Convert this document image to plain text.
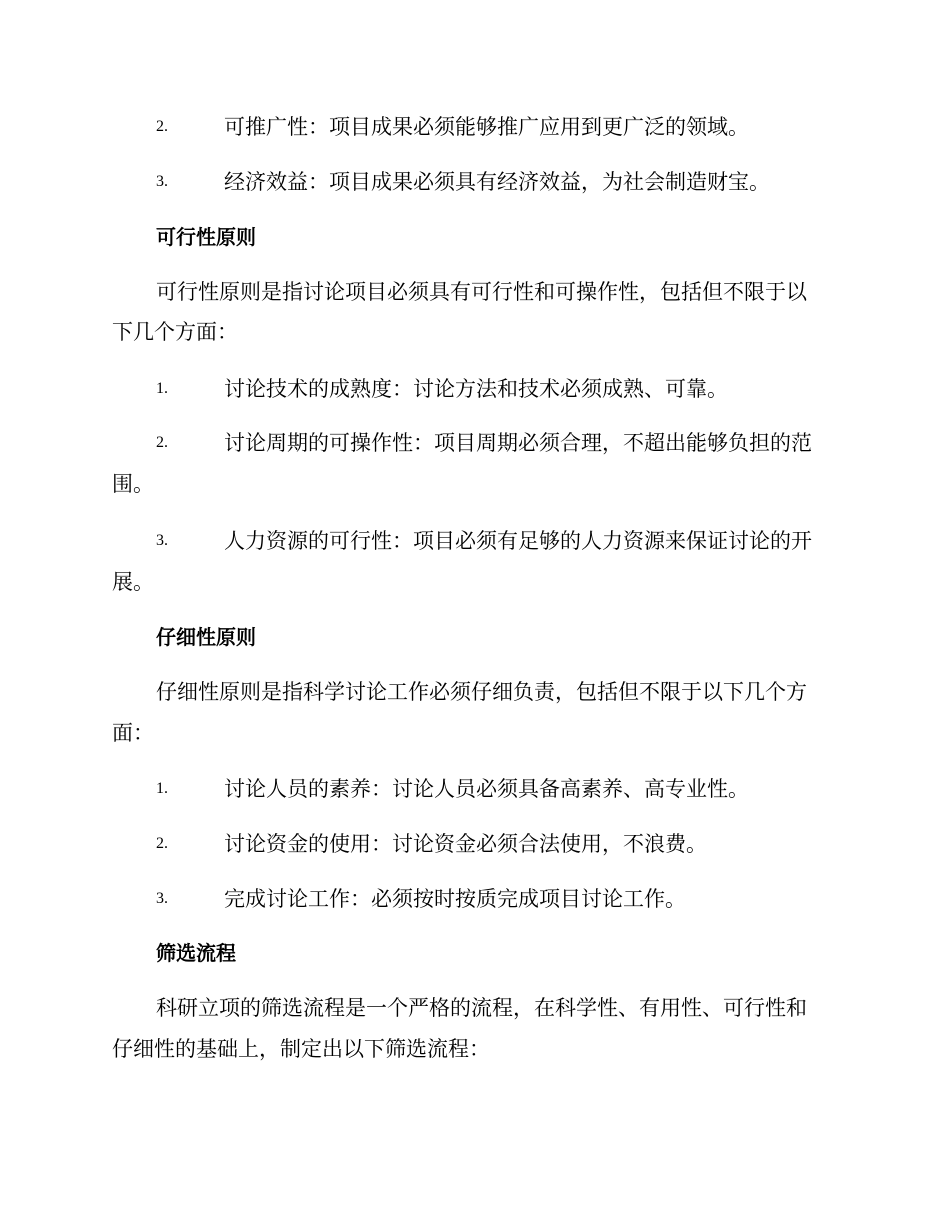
2.	可推广性：项目成果必须能够推广应用到更广泛的领域。
3.	经济效益：项目成果必须具有经济效益，为社会制造财宝。
可行性原则
可行性原则是指讨论项目必须具有可行性和可操作性，包括但不限于以
下几个方面：
1.	讨论技术的成熟度：讨论方法和技术必须成熟、可靠。
2.	讨论周期的可操作性：项目周期必须合理，不超出能够负担的范
围。
3.	人力资源的可行性：项目必须有足够的人力资源来保证讨论的开
展。
仔细性原则
仔细性原则是指科学讨论工作必须仔细负责，包括但不限于以下几个方
面：
1.	讨论人员的素养：讨论人员必须具备高素养、高专业性。
2.	讨论资金的使用：讨论资金必须合法使用，不浪费。
3.	完成讨论工作：必须按时按质完成项目讨论工作。
筛选流程
科研立项的筛选流程是一个严格的流程，在科学性、有用性、可行性和
仔细性的基础上，制定出以下筛选流程：
